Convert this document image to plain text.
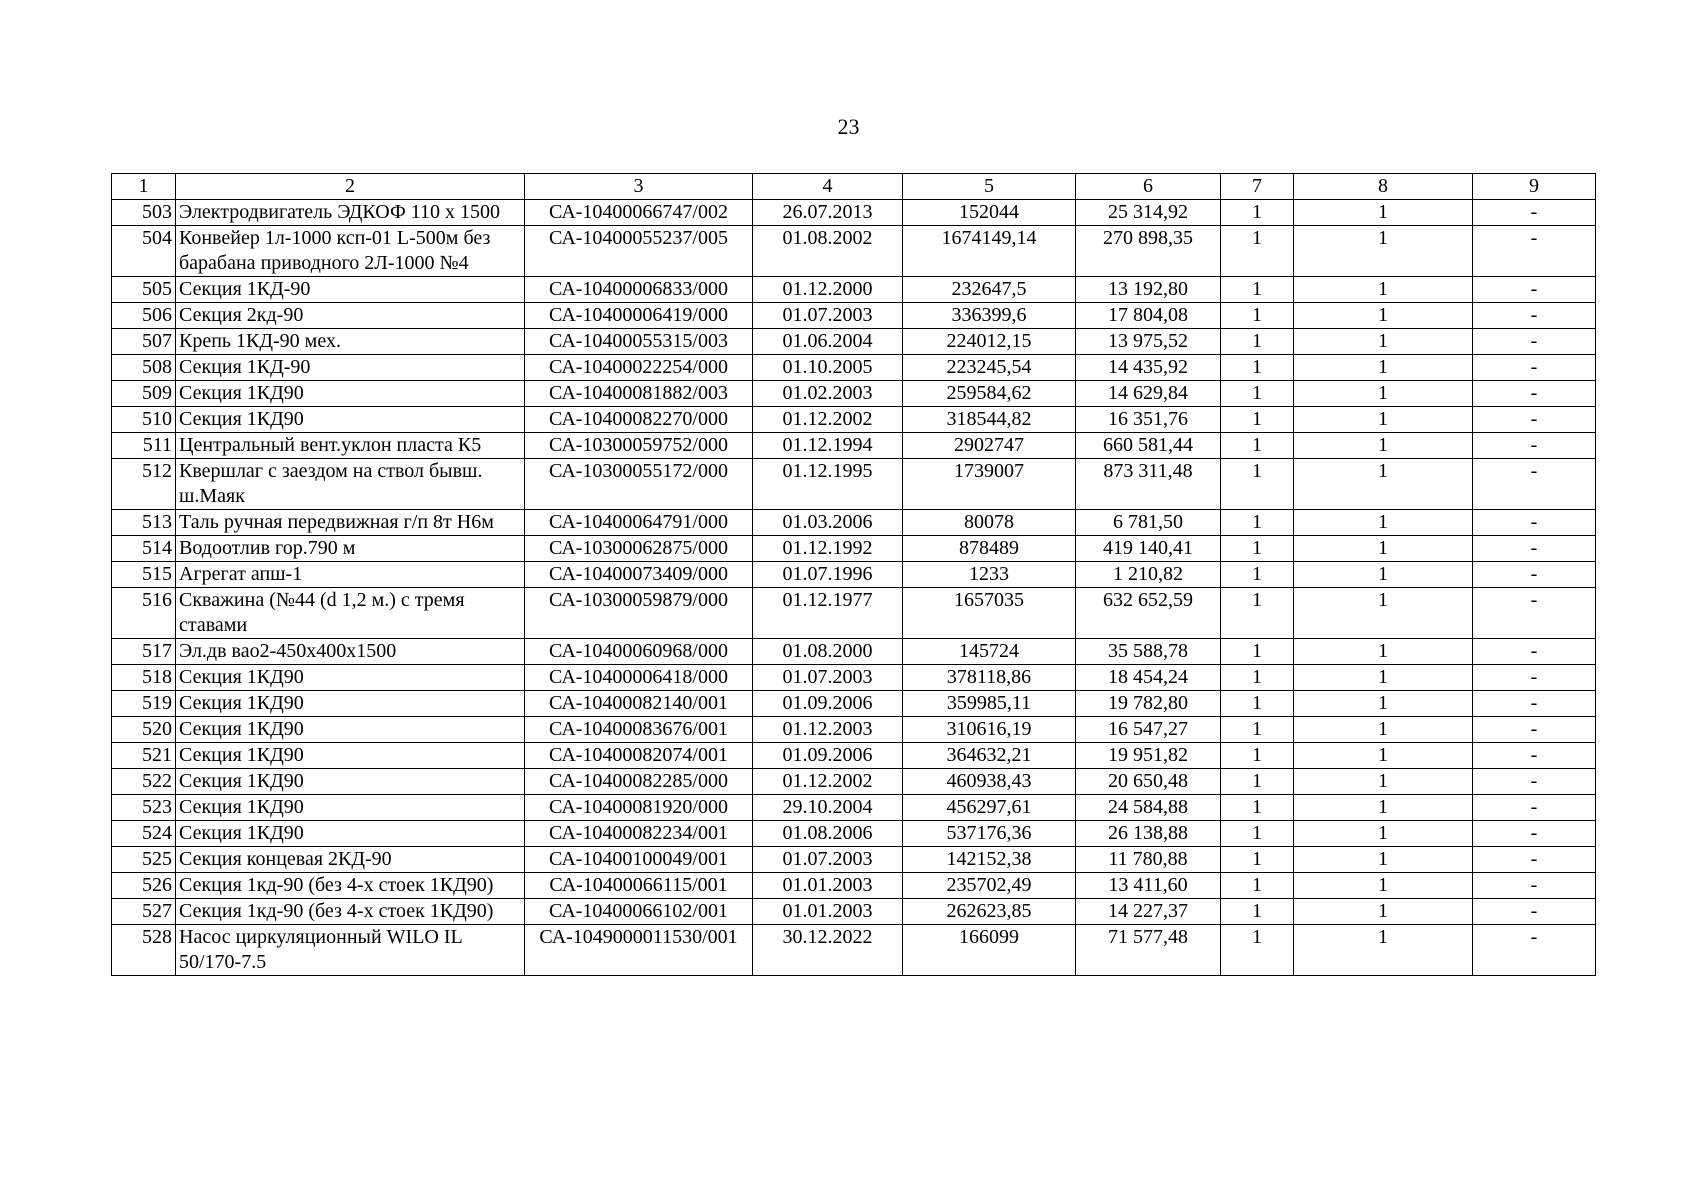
23
1	2	3	4	5	6	7	8	9
503	Электродвигатель ЭДКОФ 110 х 1500	СА-10400066747/002	26.07.2013	152044	25 314,92	1	1	-
504	Конвейер 1л-1000 ксп-01 L-500м без барабана приводного 2Л-1000 №4	СА-10400055237/005	01.08.2002	1674149,14	270 898,35	1	1	-
505	Секция 1КД-90	СА-10400006833/000	01.12.2000	232647,5	13 192,80	1	1	-
506	Секция 2кд-90	СА-10400006419/000	01.07.2003	336399,6	17 804,08	1	1	-
507	Крепь 1КД-90 мех.	СА-10400055315/003	01.06.2004	224012,15	13 975,52	1	1	-
508	Секция 1КД-90	СА-10400022254/000	01.10.2005	223245,54	14 435,92	1	1	-
509	Секция 1КД90	СА-10400081882/003	01.02.2003	259584,62	14 629,84	1	1	-
510	Секция 1КД90	СА-10400082270/000	01.12.2002	318544,82	16 351,76	1	1	-
511	Центральный вент.уклон пласта К5	СА-10300059752/000	01.12.1994	2902747	660 581,44	1	1	-
512	Квершлаг с заездом на ствол бывш. ш.Маяк	СА-10300055172/000	01.12.1995	1739007	873 311,48	1	1	-
513	Таль ручная передвижная г/п 8т Н6м	СА-10400064791/000	01.03.2006	80078	6 781,50	1	1	-
514	Водоотлив гор.790 м	СА-10300062875/000	01.12.1992	878489	419 140,41	1	1	-
515	Агрегат апш-1	СА-10400073409/000	01.07.1996	1233	1 210,82	1	1	-
516	Скважина (№44 (d 1,2 м.) с тремя ставами	СА-10300059879/000	01.12.1977	1657035	632 652,59	1	1	-
517	Эл.дв вао2-450х400х1500	СА-10400060968/000	01.08.2000	145724	35 588,78	1	1	-
518	Секция 1КД90	СА-10400006418/000	01.07.2003	378118,86	18 454,24	1	1	-
519	Секция 1КД90	СА-10400082140/001	01.09.2006	359985,11	19 782,80	1	1	-
520	Секция 1КД90	СА-10400083676/001	01.12.2003	310616,19	16 547,27	1	1	-
521	Секция 1КД90	СА-10400082074/001	01.09.2006	364632,21	19 951,82	1	1	-
522	Секция 1КД90	СА-10400082285/000	01.12.2002	460938,43	20 650,48	1	1	-
523	Секция 1КД90	СА-10400081920/000	29.10.2004	456297,61	24 584,88	1	1	-
524	Секция 1КД90	СА-10400082234/001	01.08.2006	537176,36	26 138,88	1	1	-
525	Секция концевая 2КД-90	СА-10400100049/001	01.07.2003	142152,38	11 780,88	1	1	-
526	Секция 1кд-90 (без 4-х стоек 1КД90)	СА-10400066115/001	01.01.2003	235702,49	13 411,60	1	1	-
527	Секция 1кд-90 (без 4-х стоек 1КД90)	СА-10400066102/001	01.01.2003	262623,85	14 227,37	1	1	-
528	Насос циркуляционный WILO IL 50/170-7.5	СА-1049000011530/001	30.12.2022	166099	71 577,48	1	1	-
